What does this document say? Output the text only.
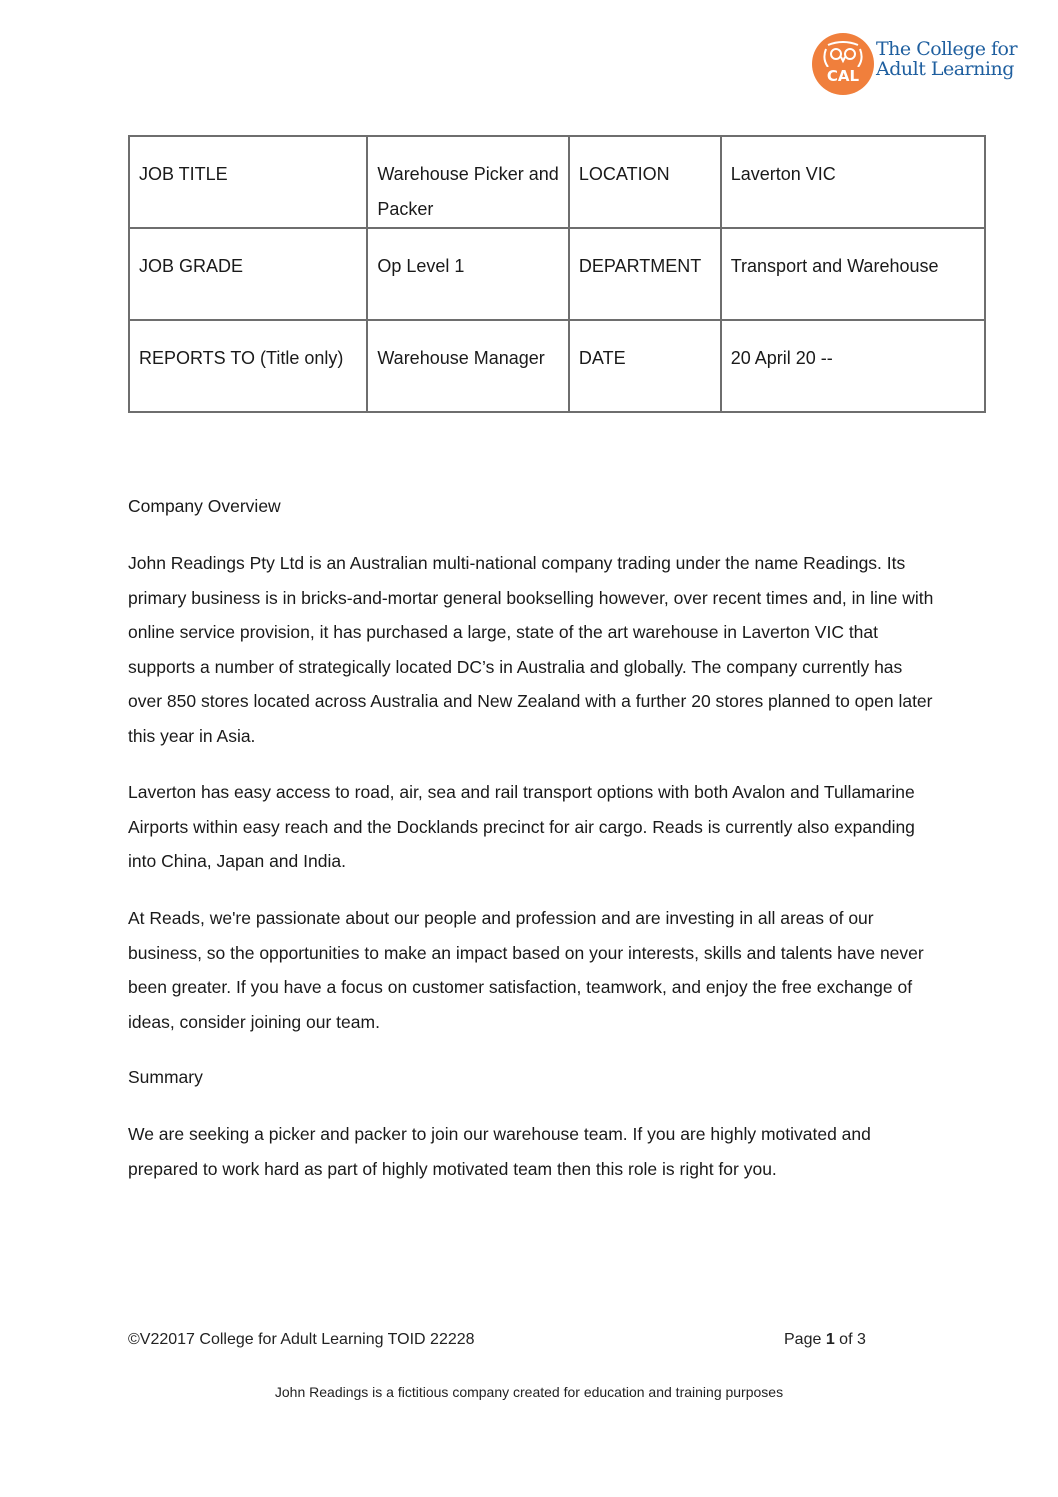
CAL
The College for
Adult Learning
JOB TITLE	Warehouse Picker and Packer	LOCATION	Laverton VIC
JOB GRADE	Op Level 1	DEPARTMENT	Transport and Warehouse
REPORTS TO (Title only)	Warehouse Manager	DATE	20 April 20 --
Company Overview
John Readings Pty Ltd is an Australian multi-national company trading under the name Readings. Its primary business is in bricks-and-mortar general bookselling however, over recent times and, in line with online service provision, it has purchased a large, state of the art warehouse in Laverton VIC that supports a number of strategically located DC’s in Australia and globally. The company currently has over 850 stores located across Australia and New Zealand with a further 20 stores planned to open later this year in Asia.
Laverton has easy access to road, air, sea and rail transport options with both Avalon and Tullamarine Airports within easy reach and the Docklands precinct for air cargo. Reads is currently also expanding into China, Japan and India.
At Reads, we're passionate about our people and profession and are investing in all areas of our business, so the opportunities to make an impact based on your interests, skills and talents have never been greater. If you have a focus on customer satisfaction, teamwork, and enjoy the free exchange of ideas, consider joining our team.
Summary
We are seeking a picker and packer to join our warehouse team. If you are highly motivated and prepared to work hard as part of highly motivated team then this role is right for you.
©V22017 College for Adult Learning TOID 22228	Page 1 of 3
John Readings is a fictitious company created for education and training purposes
